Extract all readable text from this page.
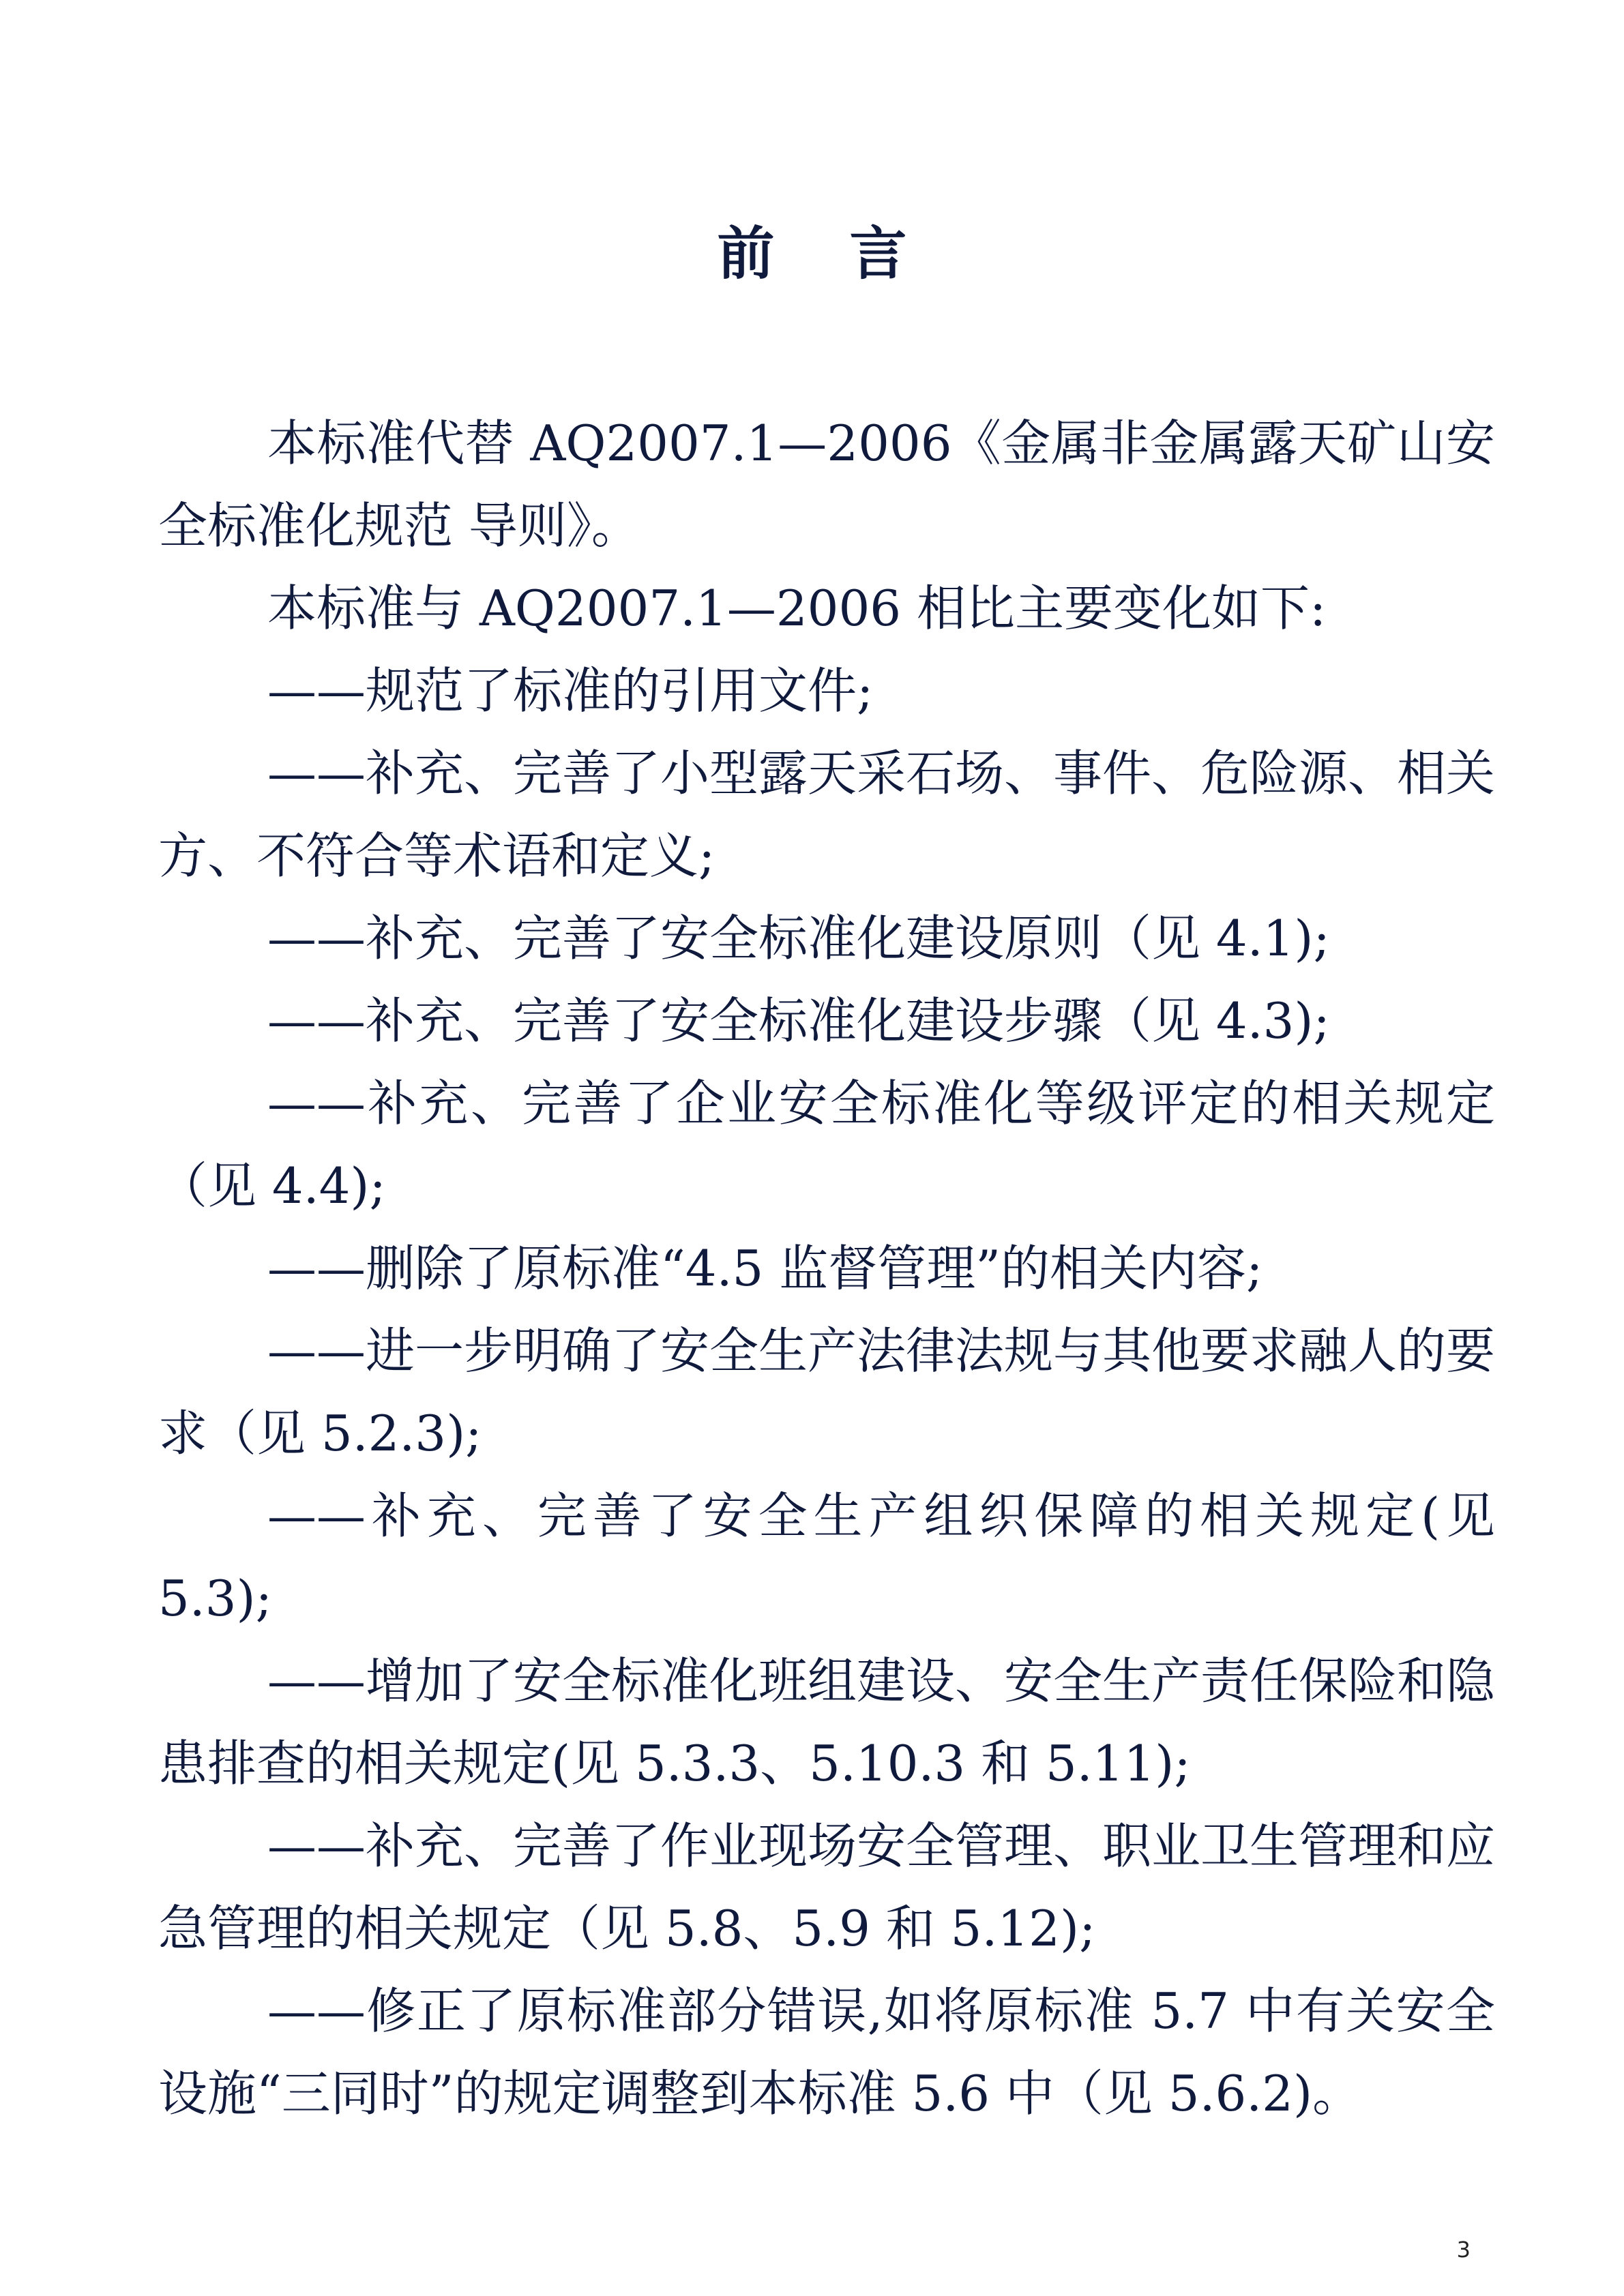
前言

本标准代替 AQ2007.1—2006《金属非金属露天矿山安全标准化规范 导则》。

本标准与 AQ2007.1—2006 相比主要变化如下:

——规范了标准的引用文件;

——补充、完善了小型露天采石场、事件、危险源、相关方、不符合等术语和定义;

——补充、完善了安全标准化建设原则（见 4.1);

——补充、完善了安全标准化建设步骤（见 4.3);

——补充、完善了企业安全标准化等级评定的相关规定（见 4.4);

——删除了原标准“4.5 监督管理”的相关内容;

——进一步明确了安全生产法律法规与其他要求融人的要求（见 5.2.3);

——补充、完善了安全生产组织保障的相关规定(见 5.3);

——增加了安全标准化班组建设、安全生产责任保险和隐患排查的相关规定(见 5.3.3、5.10.3 和 5.11);

——补充、完善了作业现场安全管理、职业卫生管理和应急管理的相关规定（见 5.8、5.9 和 5.12);

——修正了原标准部分错误,如将原标准 5.7 中有关安全设施“三同时”的规定调整到本标准 5.6 中（见 5.6.2)。

3
